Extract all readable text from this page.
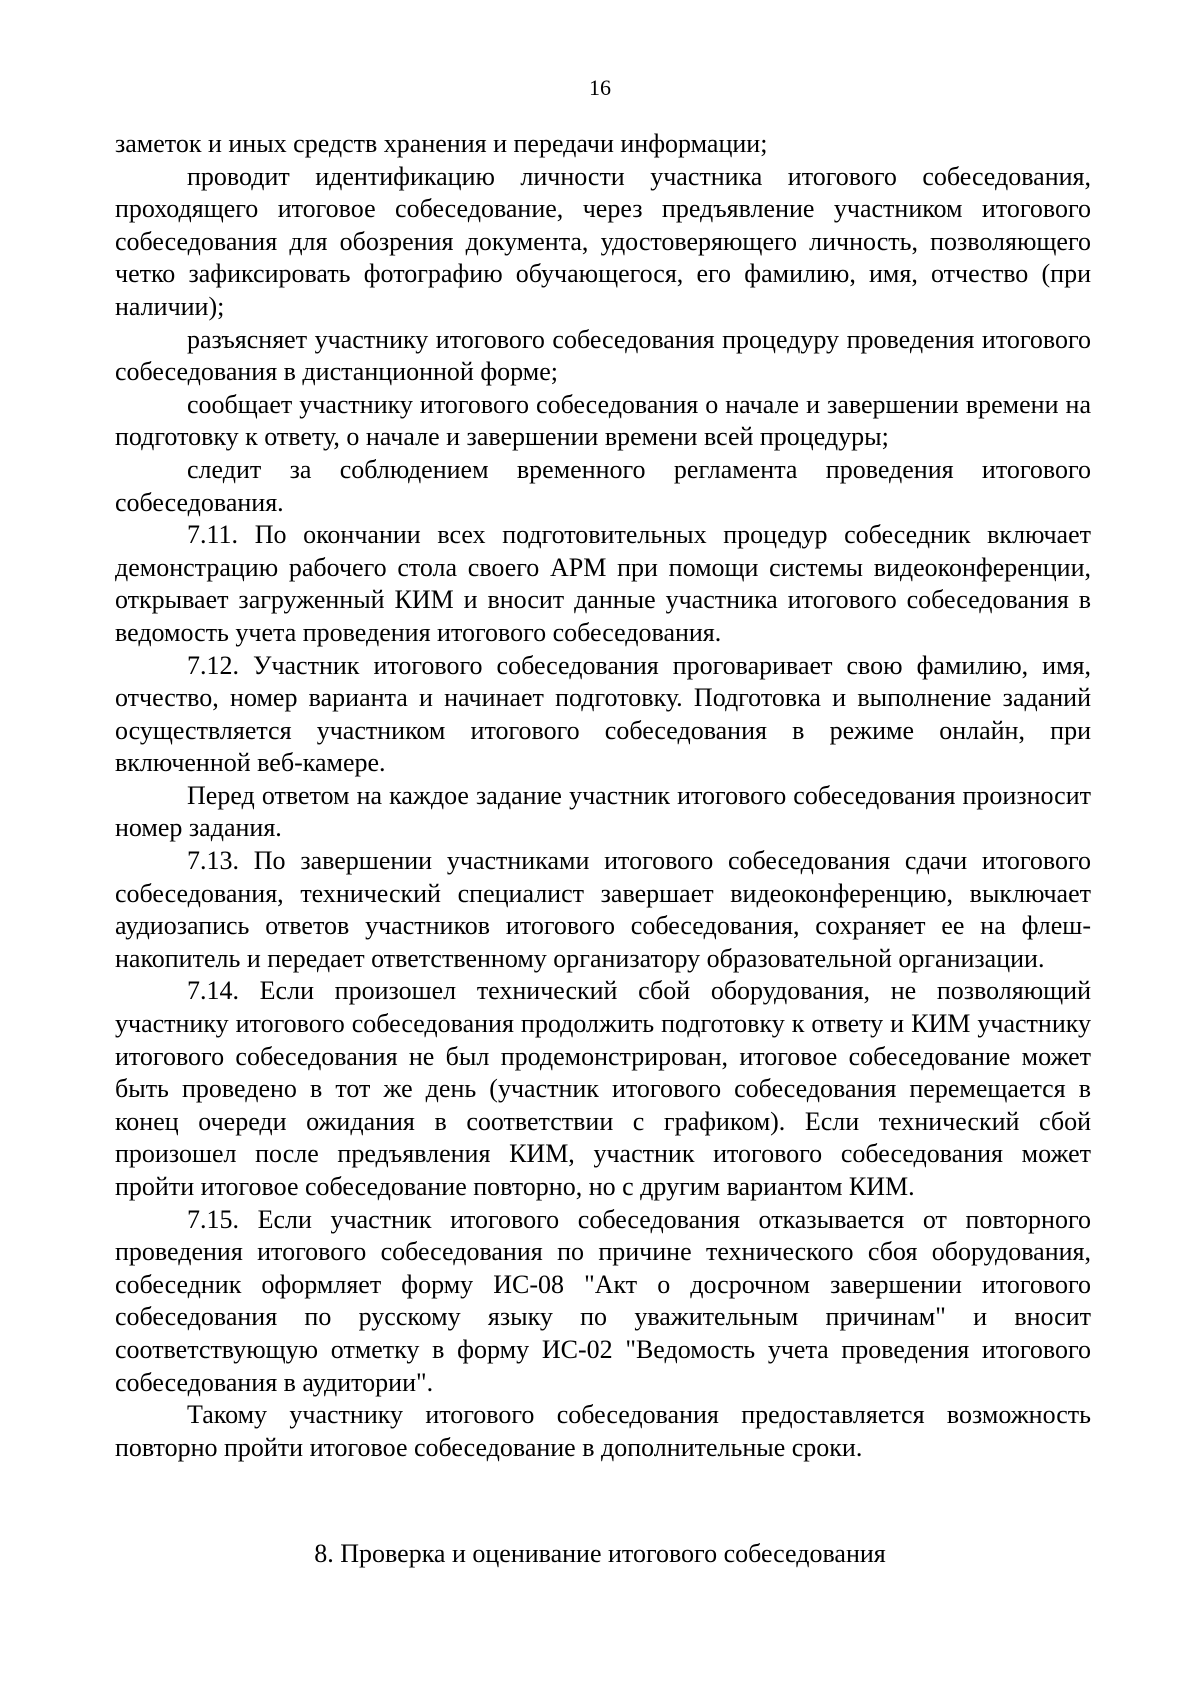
16

заметок и иных средств хранения и передачи информации;

проводит идентификацию личности участника итогового собеседования, проходящего итоговое собеседование, через предъявление участником итогового собеседования для обозрения документа, удостоверяющего личность, позволяющего четко зафиксировать фотографию обучающегося, его фамилию, имя, отчество (при наличии);

разъясняет участнику итогового собеседования процедуру проведения итогового собеседования в дистанционной форме;

сообщает участнику итогового собеседования о начале и завершении времени на подготовку к ответу, о начале и завершении времени всей процедуры;

следит за соблюдением временного регламента проведения итогового собеседования.

7.11. По окончании всех подготовительных процедур собеседник включает демонстрацию рабочего стола своего АРМ при помощи системы видеоконференции, открывает загруженный КИМ и вносит данные участника итогового собеседования в ведомость учета проведения итогового собеседования.

7.12. Участник итогового собеседования проговаривает свою фамилию, имя, отчество, номер варианта и начинает подготовку. Подготовка и выполнение заданий осуществляется участником итогового собеседования в режиме онлайн, при включенной веб-камере.

Перед ответом на каждое задание участник итогового собеседования произносит номер задания.

7.13. По завершении участниками итогового собеседования сдачи итогового собеседования, технический специалист завершает видеоконференцию, выключает аудиозапись ответов участников итогового собеседования, сохраняет ее на флеш-накопитель и передает ответственному организатору образовательной организации.

7.14. Если произошел технический сбой оборудования, не позволяющий участнику итогового собеседования продолжить подготовку к ответу и КИМ участнику итогового собеседования не был продемонстрирован, итоговое собеседование может быть проведено в тот же день (участник итогового собеседования перемещается в конец очереди ожидания в соответствии с графиком). Если технический сбой произошел после предъявления КИМ, участник итогового собеседования может пройти итоговое собеседование повторно, но с другим вариантом КИМ.

7.15. Если участник итогового собеседования отказывается от повторного проведения итогового собеседования по причине технического сбоя оборудования, собеседник оформляет форму ИС-08 "Акт о досрочном завершении итогового собеседования по русскому языку по уважительным причинам" и вносит соответствующую отметку в форму ИС-02 "Ведомость учета проведения итогового собеседования в аудитории".

Такому участнику итогового собеседования предоставляется возможность повторно пройти итоговое собеседование в дополнительные сроки.

8. Проверка и оценивание итогового собеседования
